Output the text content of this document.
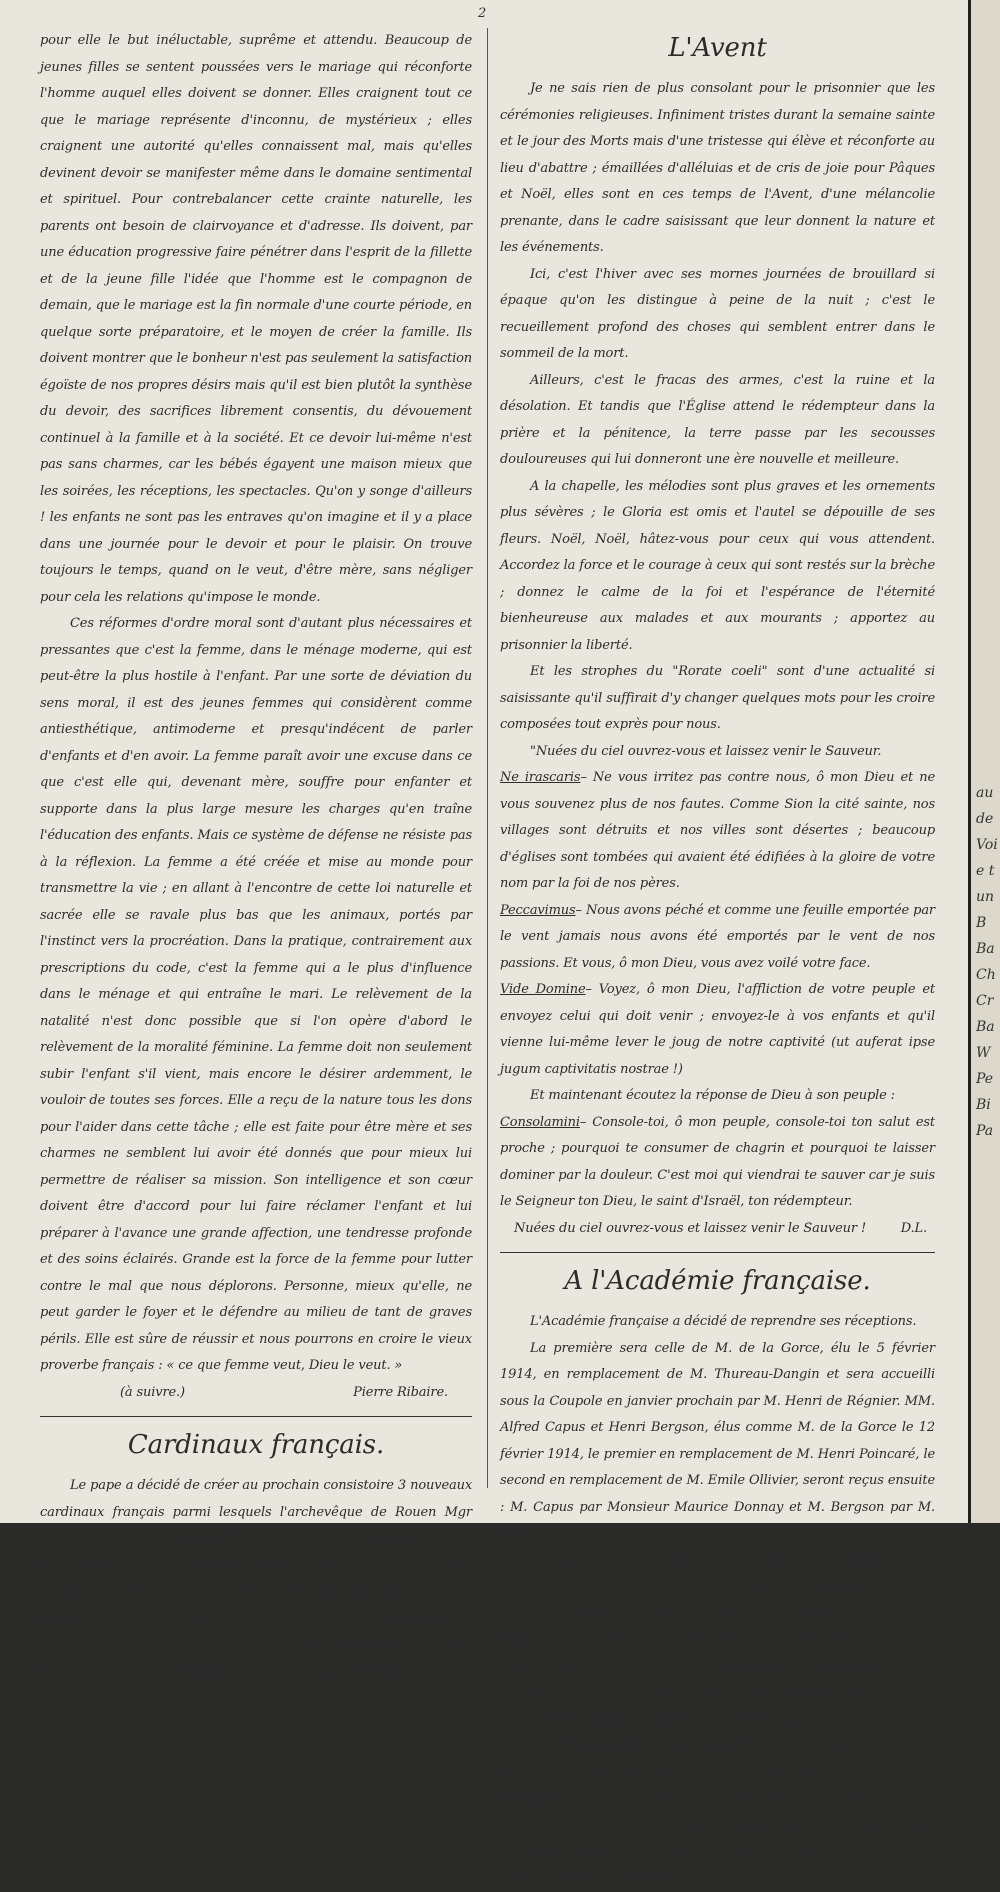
2

pour elle le but inéluctable, suprême et attendu. Beaucoup de jeunes filles se sentent poussées vers le mariage qui réconforte l'homme auquel elles doivent se donner. Elles craignent tout ce que le mariage représente d'inconnu, de mystérieux ; elles craignent une autorité qu'elles connaissent mal, mais qu'elles devinent devoir se manifester même dans le domaine sentimental et spirituel. Pour contrebalancer cette crainte naturelle, les parents ont besoin de clairvoyance et d'adresse. Ils doivent, par une éducation progressive faire pénétrer dans l'esprit de la fillette et de la jeune fille l'idée que l'homme est le compagnon de demain, que le mariage est la fin normale d'une courte période, en quelque sorte préparatoire, et le moyen de créer la famille. Ils doivent montrer que le bonheur n'est pas seulement la satisfaction égoïste de nos propres désirs mais qu'il est bien plutôt la synthèse du devoir, des sacrifices librement consentis, du dévouement continuel à la famille et à la société. Et ce devoir lui-même n'est pas sans charmes, car les bébés égayent une maison mieux que les soirées, les réceptions, les spectacles. Qu'on y songe d'ailleurs ! les enfants ne sont pas les entraves qu'on imagine et il y a place dans une journée pour le devoir et pour le plaisir. On trouve toujours le temps, quand on le veut, d'être mère, sans négliger pour cela les relations qu'impose le monde.

Ces réformes d'ordre moral sont d'autant plus nécessaires et pressantes que c'est la femme, dans le ménage moderne, qui est peut-être la plus hostile à l'enfant. Par une sorte de déviation du sens moral, il est des jeunes femmes qui considèrent comme antiesthétique, antimoderne et presqu'indécent de parler d'enfants et d'en avoir. La femme paraît avoir une excuse dans ce que c'est elle qui, devenant mère, souffre pour enfanter et supporte dans la plus large mesure les charges qu'en traîne l'éducation des enfants. Mais ce système de défense ne résiste pas à la réflexion. La femme a été créée et mise au monde pour transmettre la vie ; en allant à l'encontre de cette loi naturelle et sacrée elle se ravale plus bas que les animaux, portés par l'instinct vers la procréation. Dans la pratique, contrairement aux prescriptions du code, c'est la femme qui a le plus d'influence dans le ménage et qui entraîne le mari. Le relèvement de la natalité n'est donc possible que si l'on opère d'abord le relèvement de la moralité féminine. La femme doit non seulement subir l'enfant s'il vient, mais encore le désirer ardemment, le vouloir de toutes ses forces. Elle a reçu de la nature tous les dons pour l'aider dans cette tâche ; elle est faite pour être mère et ses charmes ne semblent lui avoir été donnés que pour mieux lui permettre de réaliser sa mission. Son intelligence et son cœur doivent être d'accord pour lui faire réclamer l'enfant et lui préparer à l'avance une grande affection, une tendresse profonde et des soins éclairés. Grande est la force de la femme pour lutter contre le mal que nous déplorons. Personne, mieux qu'elle, ne peut garder le foyer et le défendre au milieu de tant de graves périls. Elle est sûre de réussir et nous pourrons en croire le vieux proverbe français : « ce que femme veut, Dieu le veut. »

(à suivre.)	Pierre Ribaire.
Cardinaux français.

Le pape a décidé de créer au prochain consistoire 3 nouveaux cardinaux français parmi lesquels l'archevêque de Rouen Mgr Dubois. En vertu d'une vieille tradition la France a droit à 7 représentants dans le Sacré Collège mais il est rare qu'elle atteigne ce chiffre. Les nouvelles promotions vont porter à 8 le nombre des cardinaux français, un de plus que n'en possèdent les empires centraux réunis. Si la nomination de l'archevêque de Prague se confirme, le nombre sera égal de part et d'autre.

L'Avent

Je ne sais rien de plus consolant pour le prisonnier que les cérémonies religieuses. Infiniment tristes durant la semaine sainte et le jour des Morts mais d'une tristesse qui élève et réconforte au lieu d'abattre ; émaillées d'alléluias et de cris de joie pour Pâques et Noël, elles sont en ces temps de l'Avent, d'une mélancolie prenante, dans le cadre saisissant que leur donnent la nature et les événements.

Ici, c'est l'hiver avec ses mornes journées de brouillard si épaque qu'on les distingue à peine de la nuit ; c'est le recueillement profond des choses qui semblent entrer dans le sommeil de la mort.

Ailleurs, c'est le fracas des armes, c'est la ruine et la désolation. Et tandis que l'Église attend le rédempteur dans la prière et la pénitence, la terre passe par les secousses douloureuses qui lui donneront une ère nouvelle et meilleure.

A la chapelle, les mélodies sont plus graves et les ornements plus sévères ; le Gloria est omis et l'autel se dépouille de ses fleurs. Noël, Noël, hâtez-vous pour ceux qui vous attendent. Accordez la force et le courage à ceux qui sont restés sur la brèche ; donnez le calme de la foi et l'espérance de l'éternité bienheureuse aux malades et aux mourants ; apportez au prisonnier la liberté.

Et les strophes du "Rorate coeli" sont d'une actualité si saisissante qu'il suffirait d'y changer quelques mots pour les croire composées tout exprès pour nous.

"Nuées du ciel ouvrez-vous et laissez venir le Sauveur.

Ne irascaris– Ne vous irritez pas contre nous, ô mon Dieu et ne vous souvenez plus de nos fautes. Comme Sion la cité sainte, nos villages sont détruits et nos villes sont désertes ; beaucoup d'églises sont tombées qui avaient été édifiées à la gloire de votre nom par la foi de nos pères.

Peccavimus– Nous avons péché et comme une feuille emportée par le vent jamais nous avons été emportés par le vent de nos passions. Et vous, ô mon Dieu, vous avez voilé votre face.

Vide Domine– Voyez, ô mon Dieu, l'affliction de votre peuple et envoyez celui qui doit venir ; envoyez-le à vos enfants et qu'il vienne lui-même lever le joug de notre captivité (ut auferat ipse jugum captivitatis nostrae !)

Et maintenant écoutez la réponse de Dieu à son peuple :

Consolamini– Console-toi, ô mon peuple, console-toi ton salut est proche ; pourquoi te consumer de chagrin et pourquoi te laisser dominer par la douleur. C'est moi qui viendrai te sauver car je suis le Seigneur ton Dieu, le saint d'Israël, ton rédempteur.

Nuées du ciel ouvrez-vous et laissez venir le Sauveur !	D.L.
A l'Académie française.

L'Académie française a décidé de reprendre ses réceptions.

La première sera celle de M. de la Gorce, élu le 5 février 1914, en remplacement de M. Thureau-Dangin et sera accueilli sous la Coupole en janvier prochain par M. Henri de Régnier. MM. Alfred Capus et Henri Bergson, élus comme M. de la Gorce le 12 février 1914, le premier en remplacement de M. Henri Poincaré, le second en remplacement de M. Emile Ollivier, seront reçus ensuite : M. Capus par Monsieur Maurice Donnay et M. Bergson par M. René Doumic.

Le général Lyautey, élu en 1912, en remplacement de M. Henry Houssaye, prononcera l'éloge de ce dernier dès que ses occupations au Maroc lui permettront de revenir en France et Monseigneur Duchesne répondra au discours de réception. L'Académie a élu M. Anatole France membre de sa commission du dictionnaire en remplacement de M. Emile Faguet. Cette commission comprend donc MM. Etienne Lamy, René Doumic, le comte d'Haussonville, Henri Lavedan, René Bazin et Anatole France. Enfin, la compagnie a dû tenir le jeudi 14 X bre sa séance publique annuelle de 1916. Le discours sur les prix de vertu, de dévouement et d'héroïsme a été prononcé par M. Ernest Lavisse, le rapport sur les prix littéraires a été présenté par M. Etienne Lamy, secrétaire perpétuel.

au
de
Voi
e t
un
B
Ba
Ch
Cr
Ba
W
Pe
Bi
Pa
